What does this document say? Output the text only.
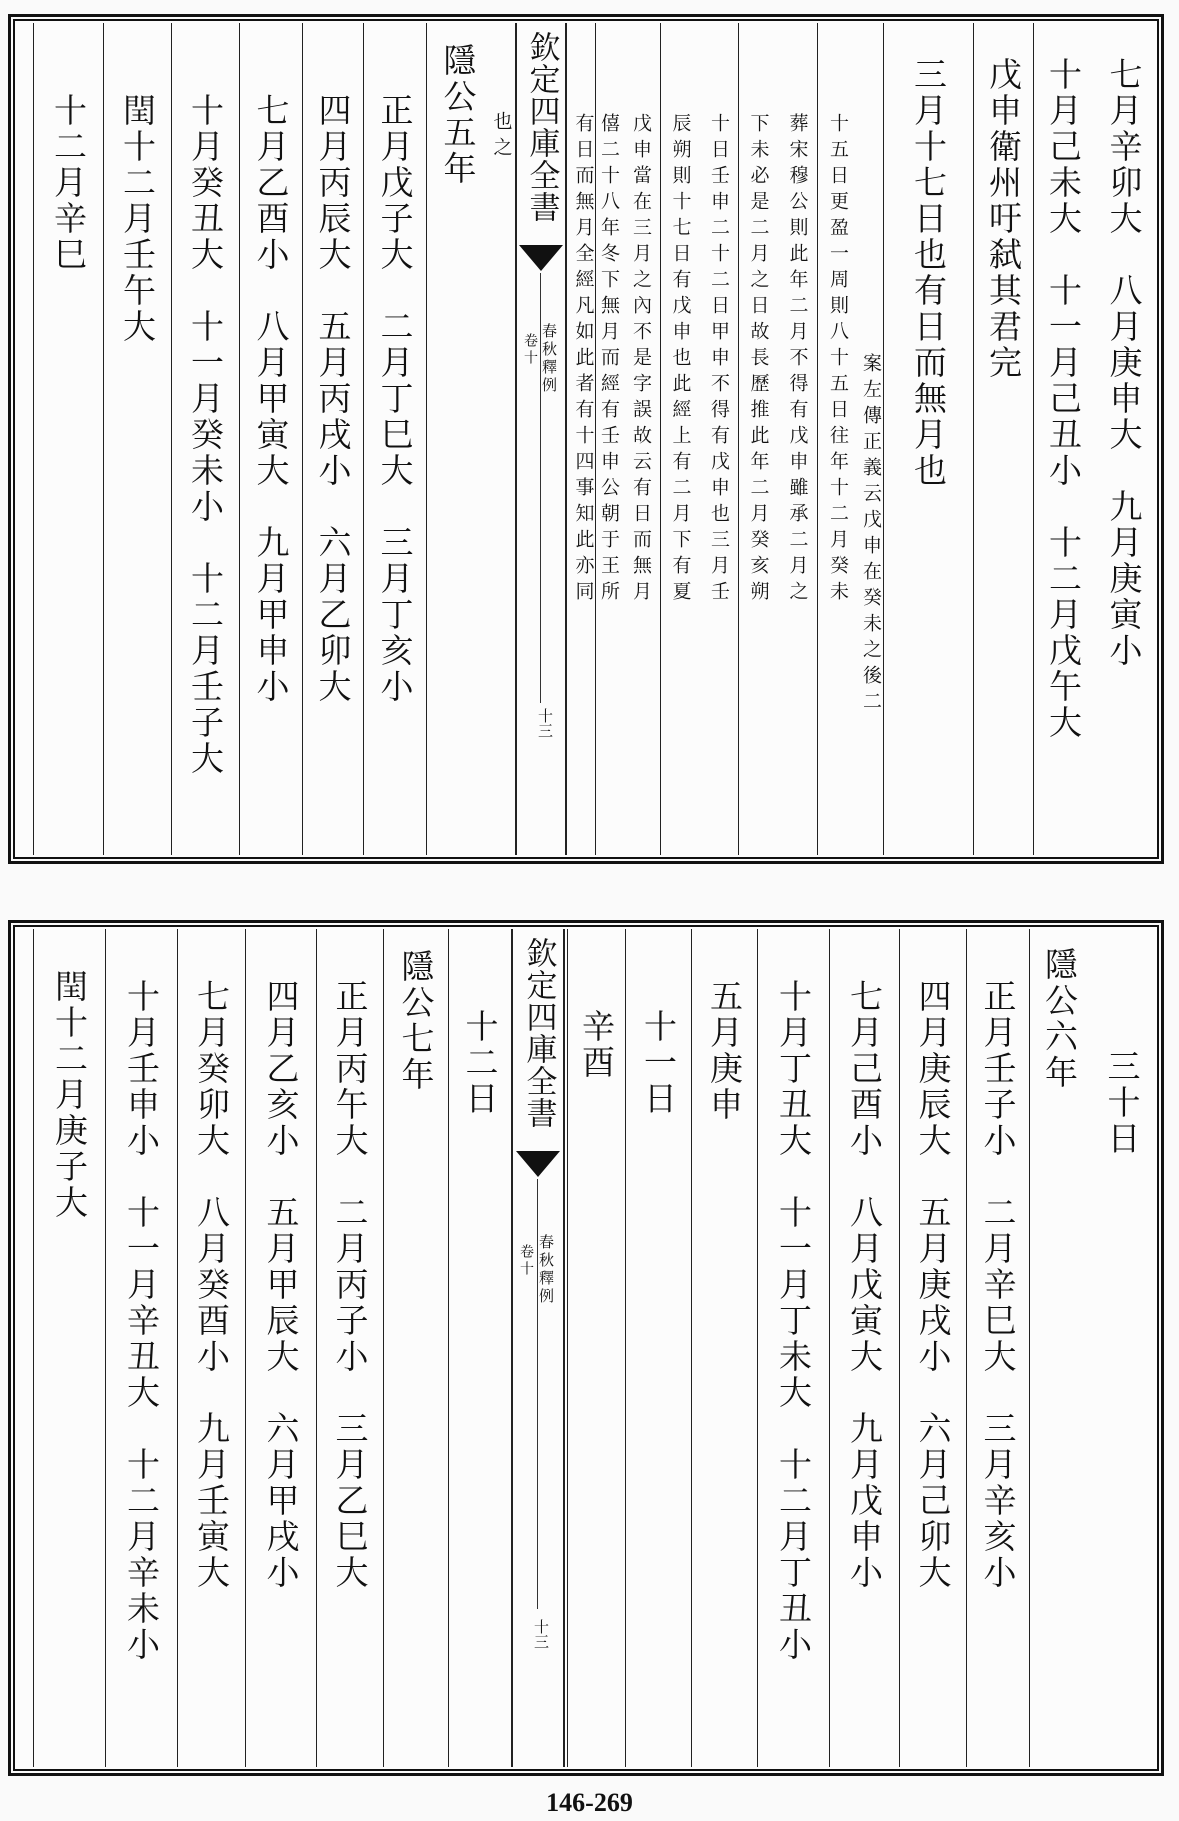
七月辛卯大　八月庚申大　九月庚寅小
十月己未大　十一月己丑小　十二月戊午大
戊申衛州吁弑其君完
三月十七日也有日而無月也
案左傳正義云戊申在癸未之後二
十五日更盈一周則八十五日往年十二月癸未
葬宋穆公則此年二月不得有戊申雖承二月之
下未必是二月之日故長歷推此年二月癸亥朔
十日壬申二十二日甲申不得有戊申也三月壬
辰朔則十七日有戊申也此經上有二月下有夏
戊申當在三月之內不是字誤故云有日而無月
僖二十八年冬下無月而經有壬申公朝于王所
有日而無月全經凡如此者有十四事知此亦同
欽定四庫全書
春秋釋例
卷十
十三
也之
隱公五年
正月戊子大　二月丁巳大　三月丁亥小
四月丙辰大　五月丙戌小　六月乙卯大
七月乙酉小　八月甲寅大　九月甲申小
十月癸丑大　十一月癸未小　十二月壬子大
閏十二月壬午大
十二月辛巳
三十日
隱公六年
正月壬子小　二月辛巳大　三月辛亥小
四月庚辰大　五月庚戌小　六月己卯大
七月己酉小　八月戊寅大　九月戊申小
十月丁丑大　十一月丁未大　十二月丁丑小
五月庚申
十一日
辛酉
欽定四庫全書
春秋釋例
卷十
十三
十二日
隱公七年
正月丙午大　二月丙子小　三月乙巳大
四月乙亥小　五月甲辰大　六月甲戌小
七月癸卯大　八月癸酉小　九月壬寅大
十月壬申小　十一月辛丑大　十二月辛未小
閏十二月庚子大
146-269
